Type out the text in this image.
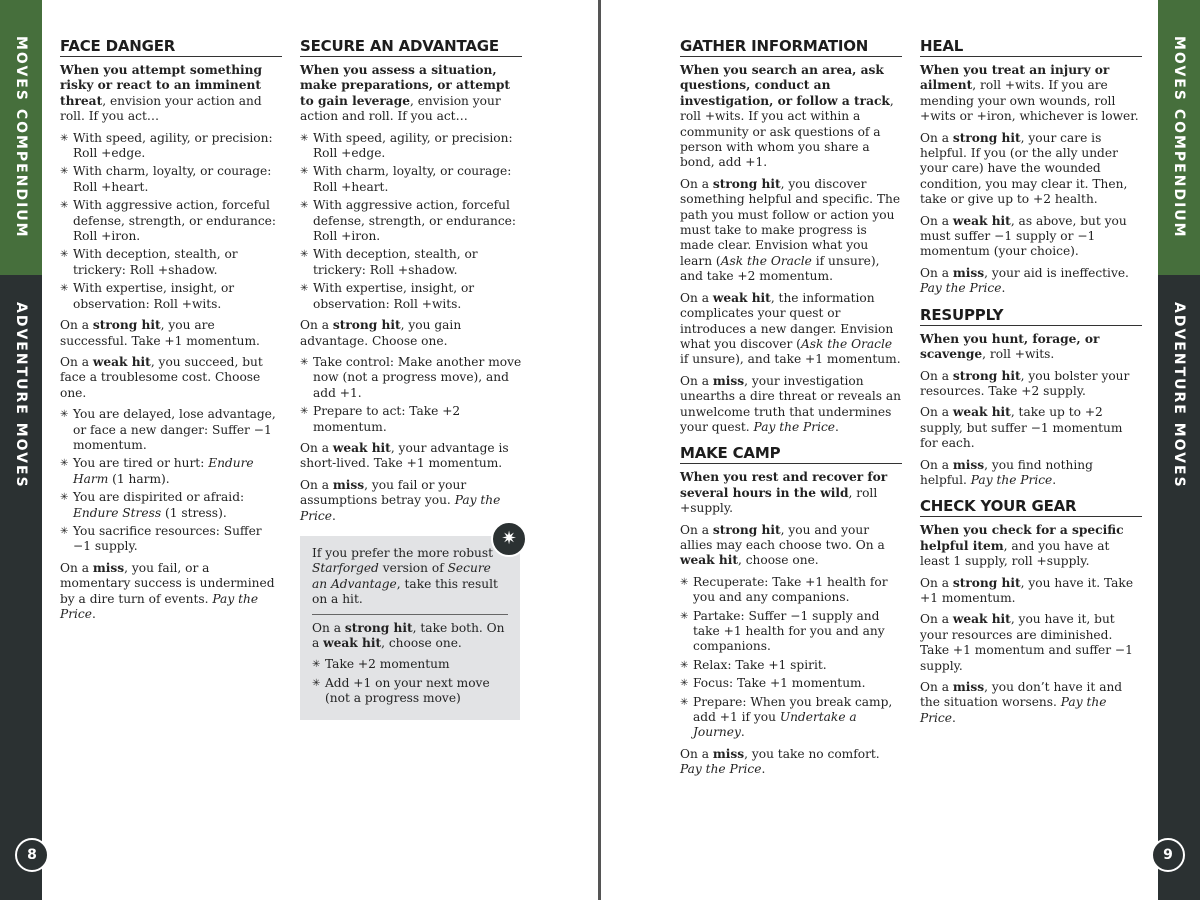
MOVES COMPENDIUM
ADVENTURE MOVES
8
FACE DANGER

When you attempt something risky or react to an imminent threat, envision your action and roll. If you act…

✳ With speed, agility, or precision: Roll +edge.
✳ With charm, loyalty, or courage: Roll +heart.
✳ With aggressive action, forceful defense, strength, or endurance: Roll +iron.
✳ With deception, stealth, or trickery: Roll +shadow.
✳ With expertise, insight, or observation: Roll +wits.

On a strong hit, you are successful. Take +1 momentum.

On a weak hit, you succeed, but face a troublesome cost. Choose one.

✳ You are delayed, lose advantage, or face a new danger: Suffer −1 momentum.
✳ You are tired or hurt: Endure Harm (1 harm).
✳ You are dispirited or afraid: Endure Stress (1 stress).
✳ You sacrifice resources: Suffer −1 supply.

On a miss, you fail, or a momentary success is undermined by a dire turn of events. Pay the Price.

SECURE AN ADVANTAGE

When you assess a situation, make preparations, or attempt to gain leverage, envision your action and roll. If you act…

✳ With speed, agility, or precision: Roll +edge.
✳ With charm, loyalty, or courage: Roll +heart.
✳ With aggressive action, forceful defense, strength, or endurance: Roll +iron.
✳ With deception, stealth, or trickery: Roll +shadow.
✳ With expertise, insight, or observation: Roll +wits.

On a strong hit, you gain advantage. Choose one.

✳ Take control: Make another move now (not a progress move), and add +1.
✳ Prepare to act: Take +2 momentum.

On a weak hit, your advantage is short-lived. Take +1 momentum.

On a miss, you fail or your assumptions betray you. Pay the Price.

✷

If you prefer the more robust Starforged version of Secure an Advantage, take this result on a hit.

On a strong hit, take both. On a weak hit, choose one.

✳ Take +2 momentum
✳ Add +1 on your next move (not a progress move)
MOVES COMPENDIUM
ADVENTURE MOVES
9
GATHER INFORMATION

When you search an area, ask questions, conduct an investigation, or follow a track, roll +wits. If you act within a community or ask questions of a person with whom you share a bond, add +1.

On a strong hit, you discover something helpful and specific. The path you must follow or action you must take to make progress is made clear. Envision what you learn (Ask the Oracle if unsure), and take +2 momentum.

On a weak hit, the information complicates your quest or introduces a new danger. Envision what you discover (Ask the Oracle if unsure), and take +1 momentum.

On a miss, your investigation unearths a dire threat or reveals an unwelcome truth that undermines your quest. Pay the Price.

MAKE CAMP

When you rest and recover for several hours in the wild, roll +supply.

On a strong hit, you and your allies may each choose two. On a weak hit, choose one.

✳ Recuperate: Take +1 health for you and any companions.
✳ Partake: Suffer −1 supply and take +1 health for you and any companions.
✳ Relax: Take +1 spirit.
✳ Focus: Take +1 momentum.
✳ Prepare: When you break camp, add +1 if you Undertake a Journey.

On a miss, you take no comfort. Pay the Price.

HEAL

When you treat an injury or ailment, roll +wits. If you are mending your own wounds, roll +wits or +iron, whichever is lower.

On a strong hit, your care is helpful. If you (or the ally under your care) have the wounded condition, you may clear it. Then, take or give up to +2 health.

On a weak hit, as above, but you must suffer −1 supply or −1 momentum (your choice).

On a miss, your aid is ineffective. Pay the Price.

RESUPPLY

When you hunt, forage, or scavenge, roll +wits.

On a strong hit, you bolster your resources. Take +2 supply.

On a weak hit, take up to +2 supply, but suffer −1 momentum for each.

On a miss, you find nothing helpful. Pay the Price.

CHECK YOUR GEAR

When you check for a specific helpful item, and you have at least 1 supply, roll +supply.

On a strong hit, you have it. Take +1 momentum.

On a weak hit, you have it, but your resources are diminished. Take +1 momentum and suffer −1 supply.

On a miss, you don’t have it and the situation worsens. Pay the Price.
